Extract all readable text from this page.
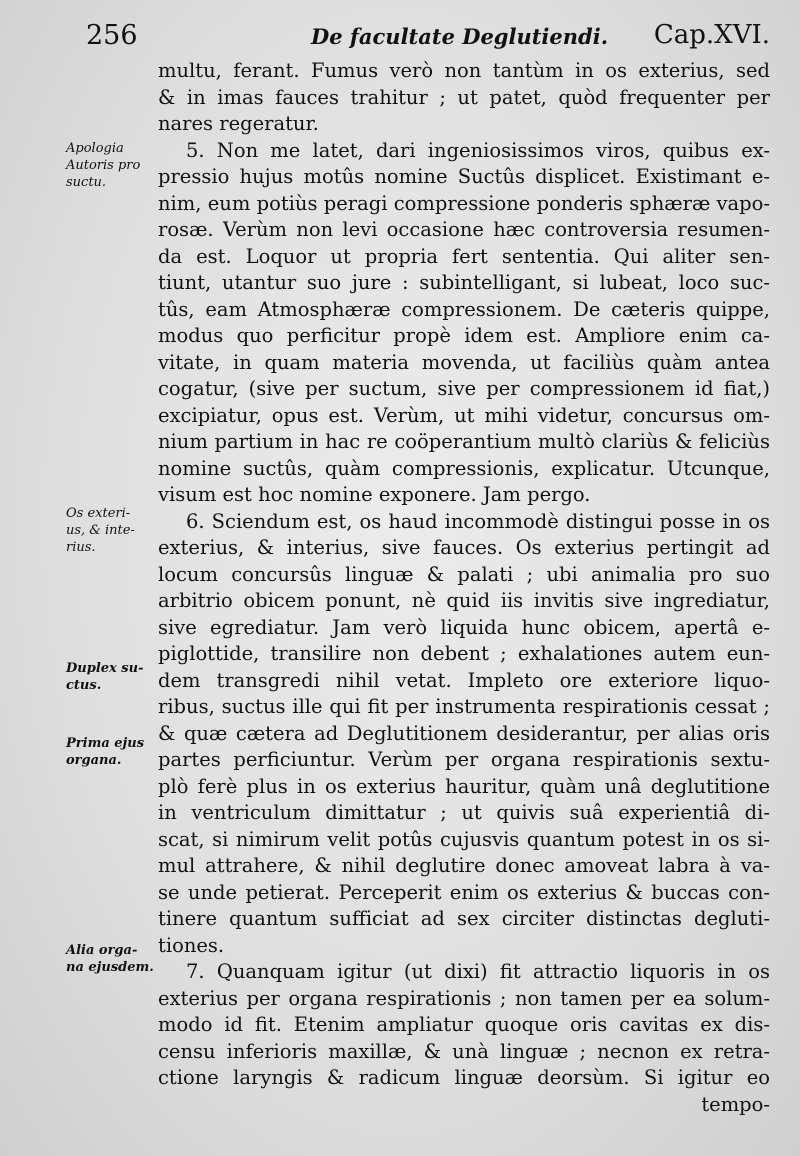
256	De facultate Deglutiendi. Cap.XVI.
Apologia
Autoris pro
suctu.
Os exteri-
us, & inte-
rius.
Duplex su-
ctus.
Prima ejus
organa.
Alia orga-
na ejusdem.
multu, ferant. Fumus verò non tantùm in os exterius, sed
& in imas fauces trahitur ; ut patet, quòd frequenter per
nares regeratur.
5. Non me latet, dari ingeniosissimos viros, quibus ex-
pressio hujus motûs nomine Suctûs displicet. Existimant e-
nim, eum potiùs peragi compressione ponderis sphæræ vapo-
rosæ. Verùm non levi occasione hæc controversia resumen-
da est. Loquor ut propria fert sententia. Qui aliter sen-
tiunt, utantur suo jure : subintelligant, si lubeat, loco suc-
tûs, eam Atmosphæræ compressionem. De cæteris quippe,
modus quo perficitur propè idem est. Ampliore enim ca-
vitate, in quam materia movenda, ut faciliùs quàm antea
cogatur, (sive per suctum, sive per compressionem id fiat,)
excipiatur, opus est. Verùm, ut mihi videtur, concursus om-
nium partium in hac re coöperantium multò clariùs & feliciùs
nomine suctûs, quàm compressionis, explicatur. Utcunque,
visum est hoc nomine exponere. Jam pergo.
6. Sciendum est, os haud incommodè distingui posse in os
exterius, & interius, sive fauces. Os exterius pertingit ad
locum concursûs linguæ & palati ; ubi animalia pro suo
arbitrio obicem ponunt, nè quid iis invitis sive ingrediatur,
sive egrediatur. Jam verò liquida hunc obicem, apertâ e-
piglottide, transilire non debent ; exhalationes autem eun-
dem transgredi nihil vetat. Impleto ore exteriore liquo-
ribus, suctus ille qui fit per instrumenta respirationis cessat ;
& quæ cætera ad Deglutitionem desiderantur, per alias oris
partes perficiuntur. Verùm per organa respirationis sextu-
plò ferè plus in os exterius hauritur, quàm unâ deglutitione
in ventriculum dimittatur ; ut quivis suâ experientiâ di-
scat, si nimirum velit potûs cujusvis quantum potest in os si-
mul attrahere, & nihil deglutire donec amoveat labra à va-
se unde petierat. Perceperit enim os exterius & buccas con-
tinere quantum sufficiat ad sex circiter distinctas degluti-
tiones.
7. Quanquam igitur (ut dixi) fit attractio liquoris in os
exterius per organa respirationis ; non tamen per ea solum-
modo id fit. Etenim ampliatur quoque oris cavitas ex dis-
censu inferioris maxillæ, & unà linguæ ; necnon ex retra-
ctione laryngis & radicum linguæ deorsùm. Si igitur eo
tempo-
